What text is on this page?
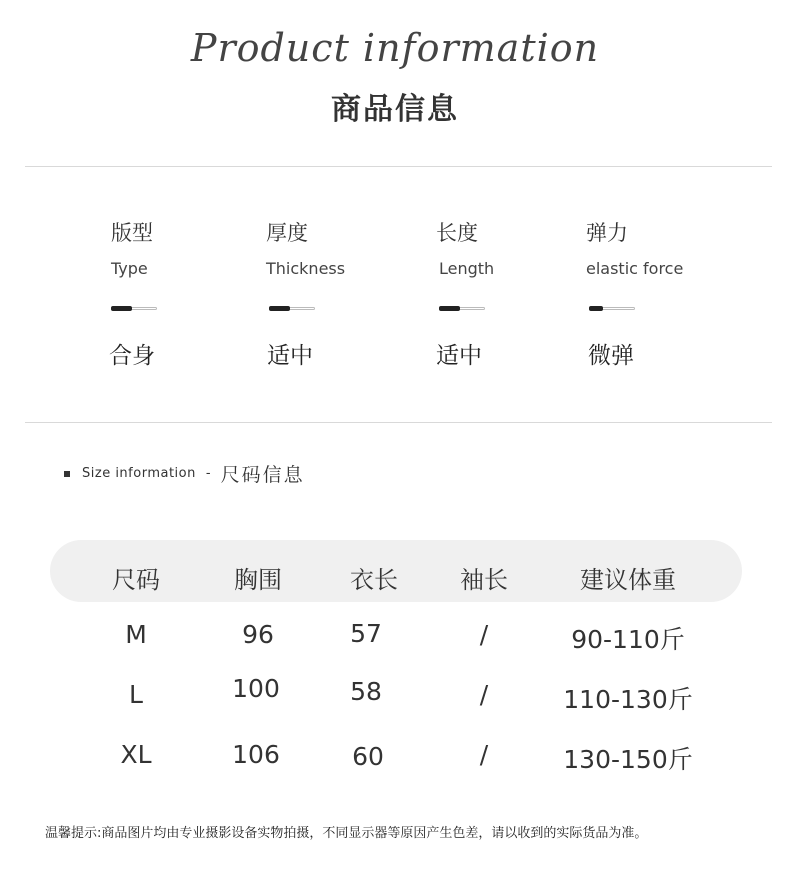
Product information
商品信息
版型
Type
合身
厚度
Thickness
适中
长度
Length
适中
弹力
elastic force
微弹
Size information - 尺码信息
尺码	胸围	衣长	袖长	建议体重
M	96	57	/	90-110斤
L	100	58	/	110-130斤
XL	106	60	/	130-150斤
温馨提示:商品图片均由专业摄影设备实物拍摄，不同显示器等原因产生色差，请以收到的实际货品为准。
